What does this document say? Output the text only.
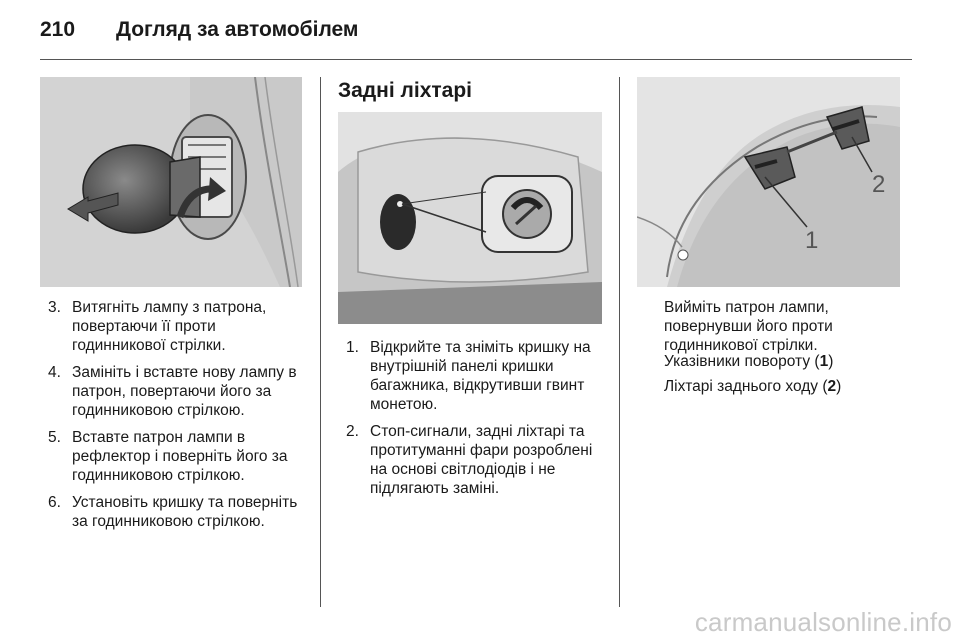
210	Догляд за автомобілем
3. Витягніть лампу з патрона, повертаючи її проти годинникової стрілки.
4. Замініть і вставте нову лампу в патрон, повертаючи його за годинниковою стрілкою.
5. Вставте патрон лампи в рефлектор і поверніть його за годинниковою стрілкою.
6. Установіть кришку та поверніть за годинниковою стрілкою.
Задні ліхтарі
1. Відкрийте та зніміть кришку на внутрішній панелі кришки багажника, відкрутивши гвинт монетою.
2. Стоп-сигнали, задні ліхтарі та протитуманні фари розроблені на основі світлодіодів і не підлягають заміні.
1
2

Вийміть патрон лампи, повернувши його проти годинникової стрілки.

Указівники повороту (1)

Ліхтарі заднього ходу (2)

carmanualsonline.info
